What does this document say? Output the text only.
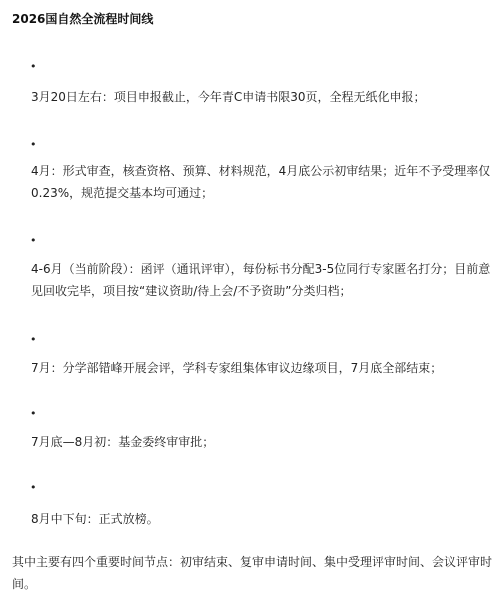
2026国自然全流程时间线
•
3月20日左右：项目申报截止，今年青C申请书限30页，全程无纸化申报；
•
4月：形式审查，核查资格、预算、材料规范，4月底公示初审结果；近年不予受理率仅0.23%，规范提交基本均可通过；
•
4-6月（当前阶段）：函评（通讯评审），每份标书分配3-5位同行专家匿名打分；目前意见回收完毕，项目按“建议资助/待上会/不予资助”分类归档；
•
7月：分学部错峰开展会评，学科专家组集体审议边缘项目，7月底全部结束；
•
7月底—8月初：基金委终审审批；
•
8月中下旬：正式放榜。
其中主要有四个重要时间节点：初审结束、复审申请时间、集中受理评审时间、会议评审时间。
